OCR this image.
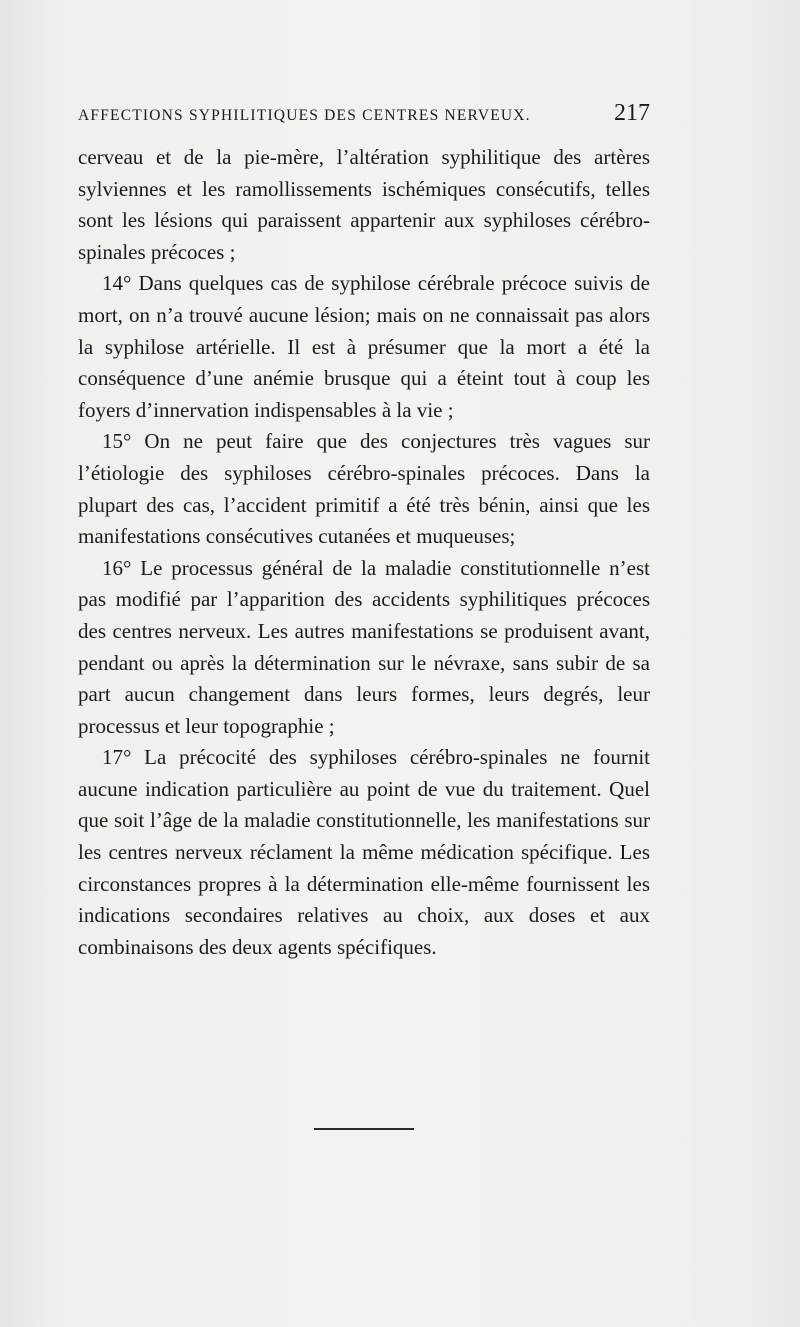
AFFECTIONS SYPHILITIQUES DES CENTRES NERVEUX.	217

cerveau et de la pie-mère, l’altération syphilitique des artères sylviennes et les ramollissements ischémiques consécutifs, telles sont les lésions qui paraissent appartenir aux syphiloses cérébro-spinales précoces ;

14° Dans quelques cas de syphilose cérébrale précoce suivis de mort, on n’a trouvé aucune lésion; mais on ne connaissait pas alors la syphilose artérielle. Il est à présumer que la mort a été la conséquence d’une anémie brusque qui a éteint tout à coup les foyers d’innervation indispensables à la vie ;

15° On ne peut faire que des conjectures très vagues sur l’étiologie des syphiloses cérébro-spinales précoces. Dans la plupart des cas, l’accident primitif a été très bénin, ainsi que les manifestations consécutives cutanées et muqueuses;

16° Le processus général de la maladie constitutionnelle n’est pas modifié par l’apparition des accidents syphilitiques précoces des centres nerveux. Les autres manifestations se produisent avant, pendant ou après la détermination sur le névraxe, sans subir de sa part aucun changement dans leurs formes, leurs degrés, leur processus et leur topographie ;

17° La précocité des syphiloses cérébro-spinales ne fournit aucune indication particulière au point de vue du traitement. Quel que soit l’âge de la maladie constitutionnelle, les manifestations sur les centres nerveux réclament la même médication spécifique. Les circonstances propres à la détermination elle-même fournissent les indications secondaires relatives au choix, aux doses et aux combinaisons des deux agents spécifiques.
